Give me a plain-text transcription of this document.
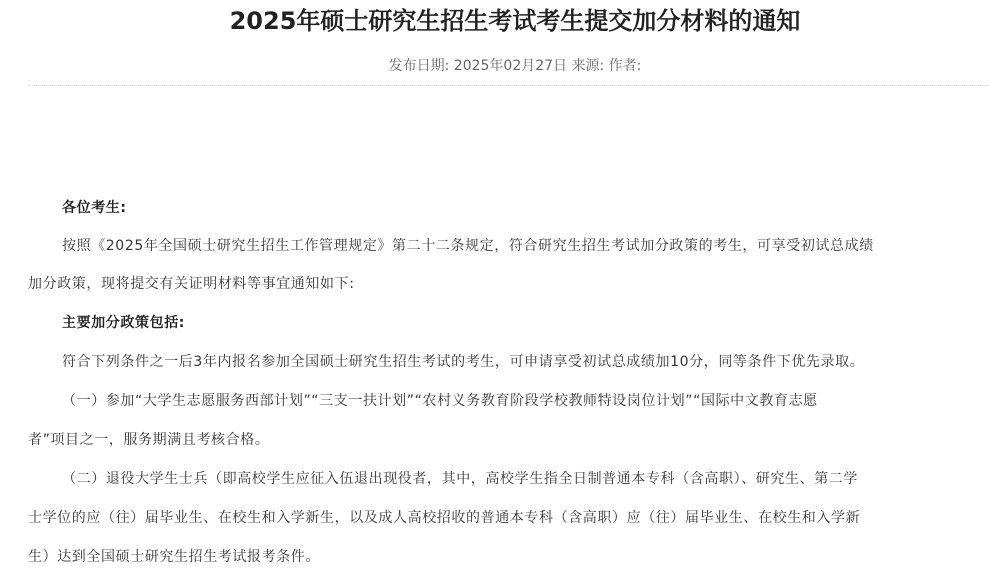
2025年硕士研究生招生考试考生提交加分材料的通知
发布日期: 2025年02月27日 来源: 作者:
各位考生:
按照《2025年全国硕士研究生招生工作管理规定》第二十二条规定，符合研究生招生考试加分政策的考生，可享受初试总成绩
加分政策，现将提交有关证明材料等事宜通知如下:
主要加分政策包括:
符合下列条件之一后3年内报名参加全国硕士研究生招生考试的考生，可申请享受初试总成绩加10分，同等条件下优先录取。
（一）参加“大学生志愿服务西部计划”“三支一扶计划”“农村义务教育阶段学校教师特设岗位计划”“国际中文教育志愿
者”项目之一，服务期满且考核合格。
（二）退役大学生士兵（即高校学生应征入伍退出现役者，其中，高校学生指全日制普通本专科（含高职）、研究生、第二学
士学位的应（往）届毕业生、在校生和入学新生，以及成人高校招收的普通本专科（含高职）应（往）届毕业生、在校生和入学新
生）达到全国硕士研究生招生考试报考条件。
